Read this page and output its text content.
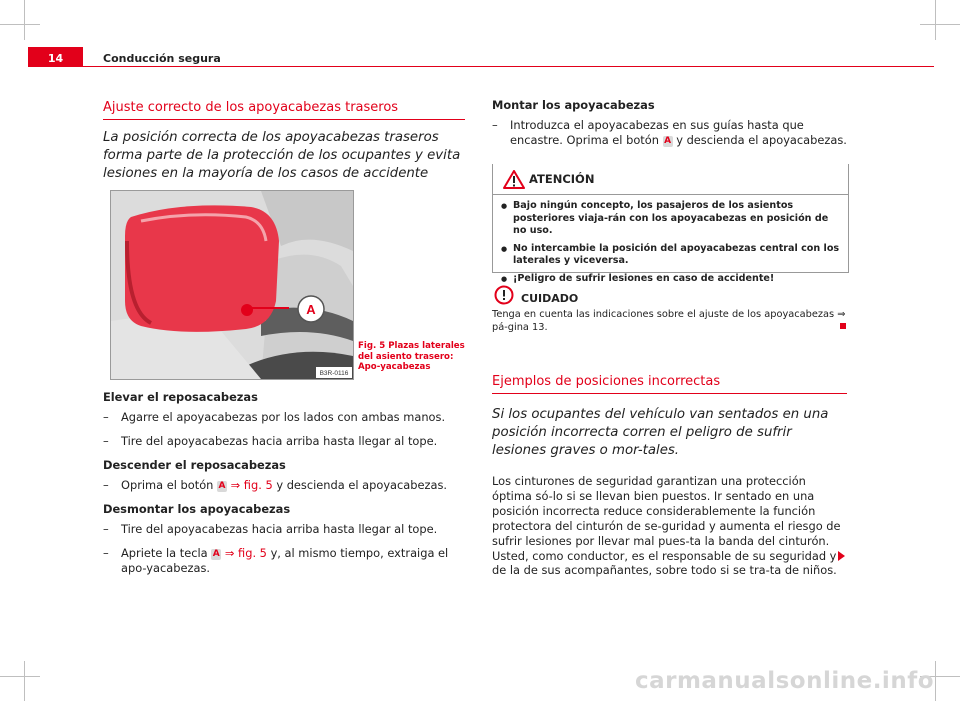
14	Conducción segura

Ajuste correcto de los apoyacabezas traseros

La posición correcta de los apoyacabezas traseros forma parte de la protección de los ocupantes y evita lesiones en la mayoría de los casos de accidente

A
B3R-0116
Fig. 5 Plazas laterales del asiento trasero: Apo-yacabezas

Elevar el reposacabezas

– Agarre el apoyacabezas por los lados con ambas manos.

– Tire del apoyacabezas hacia arriba hasta llegar al tope.

Descender el reposacabezas

– Oprima el botón A ⇒ fig. 5 y descienda el apoyacabezas.

Desmontar los apoyacabezas

– Tire del apoyacabezas hacia arriba hasta llegar al tope.

– Apriete la tecla A ⇒ fig. 5 y, al mismo tiempo, extraiga el apo-yacabezas.

Montar los apoyacabezas

– Introduzca el apoyacabezas en sus guías hasta que encastre. Oprima el botón A y descienda el apoyacabezas.

ATENCIÓN

● Bajo ningún concepto, los pasajeros de los asientos posteriores viaja-rán con los apoyacabezas en posición de no uso.

● No intercambie la posición del apoyacabezas central con los laterales y viceversa.

● ¡Peligro de sufrir lesiones en caso de accidente!

CUIDADO
Tenga en cuenta las indicaciones sobre el ajuste de los apoyacabezas ⇒ pá-gina 13.

Ejemplos de posiciones incorrectas

Si los ocupantes del vehículo van sentados en una posición incorrecta corren el peligro de sufrir lesiones graves o mor-tales.

Los cinturones de seguridad garantizan una protección óptima só-lo si se llevan bien puestos. Ir sentado en una posición incorrecta reduce considerablemente la función protectora del cinturón de se-guridad y aumenta el riesgo de sufrir lesiones por llevar mal pues-ta la banda del cinturón. Usted, como conductor, es el responsable de su seguridad y de la de sus acompañantes, sobre todo si se tra-ta de niños.

carmanualsonline.info
